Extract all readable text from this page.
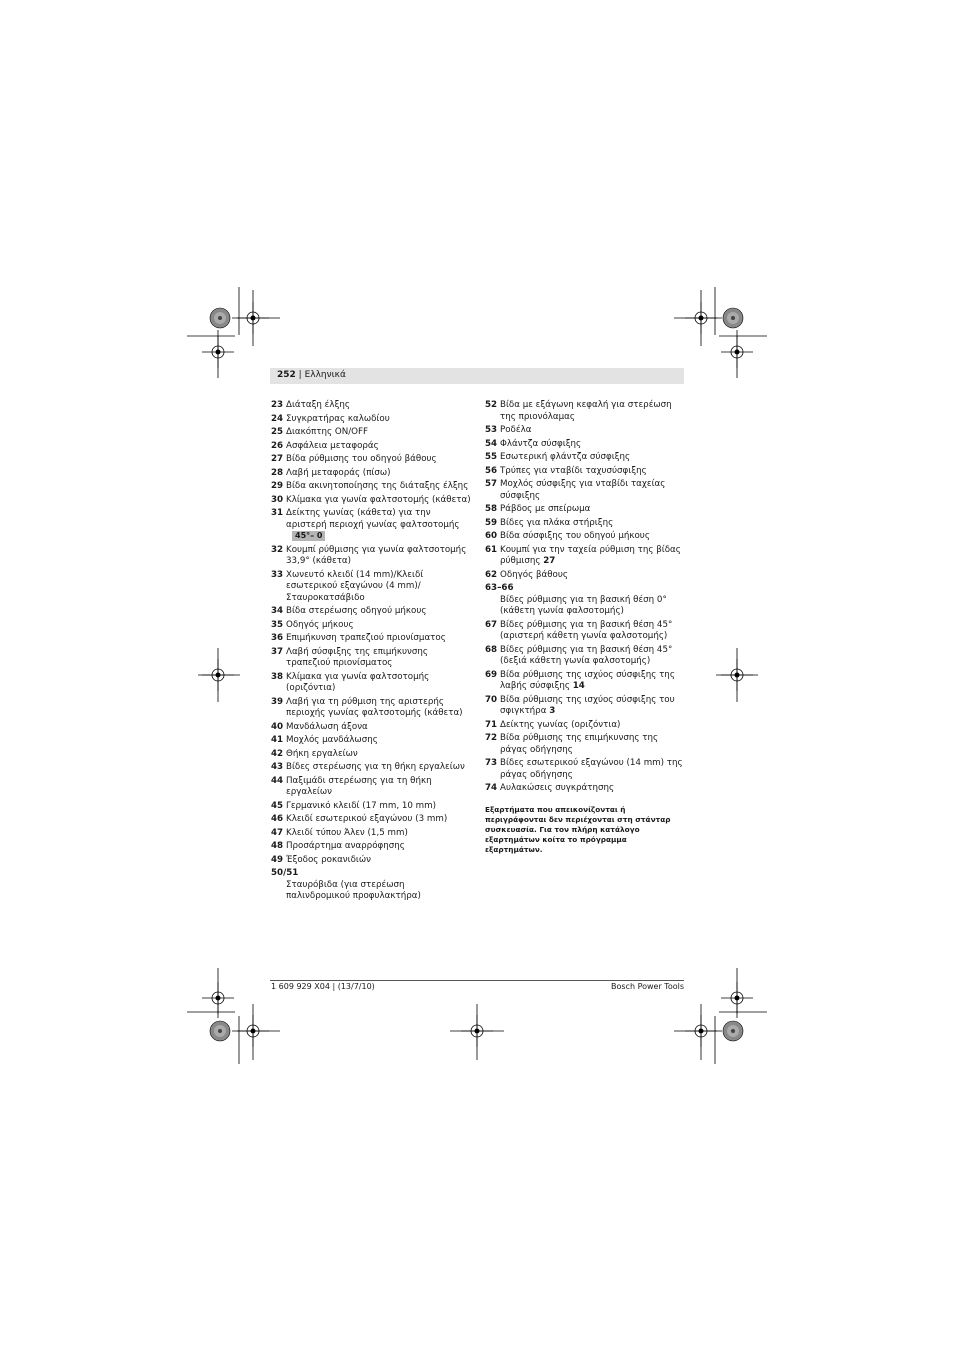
252 | Ελληνικά
23 Διάταξη έλξης
24 Συγκρατήρας καλωδίου
25 Διακόπτης ON/OFF
26 Ασφάλεια μεταφοράς
27 Βίδα ρύθμισης του οδηγού βάθους
28 Λαβή μεταφοράς (πίσω)
29 Βίδα ακινητοποίησης της διάταξης έλξης
30 Κλίμακα για γωνία φαλτσοτομής (κάθετα)
31 Δείκτης γωνίας (κάθετα) για την αριστερή περιοχή γωνίας φαλτσοτομής45°– 0
32 Κουμπί ρύθμισης για γωνία φαλτσοτομής 33,9° (κάθετα)
33 Χωνευτό κλειδί (14 mm)/Κλειδί εσωτερικού εξαγώνου (4 mm)/Σταυροκατσάβιδο
34 Βίδα στερέωσης οδηγού μήκους
35 Οδηγός μήκους
36 Επιμήκυνση τραπεζιού πριονίσματος
37 Λαβή σύσφιξης της επιμήκυνσης τραπεζιού πριονίσματος
38 Κλίμακα για γωνία φαλτσοτομής (οριζόντια)
39 Λαβή για τη ρύθμιση της αριστερής περιοχής γωνίας φαλτσοτομής (κάθετα)
40 Μανδάλωση άξονα
41 Μοχλός μανδάλωσης
42 Θήκη εργαλείων
43 Βίδες στερέωσης για τη θήκη εργαλείων
44 Παξιμάδι στερέωσης για τη θήκη εργαλείων
45 Γερμανικό κλειδί (17 mm, 10 mm)
46 Κλειδί εσωτερικού εξαγώνου (3 mm)
47 Κλειδί τύπου Άλεν (1,5 mm)
48 Προσάρτημα αναρρόφησης
49 Έξοδος ροκανιδιών
50/51
Σταυρόβιδα (για στερέωση παλινδρομικού προφυλακτήρα)
52 Βίδα με εξάγωνη κεφαλή για στερέωση της πριονόλαμας
53 Ροδέλα
54 Φλάντζα σύσφιξης
55 Εσωτερική φλάντζα σύσφιξης
56 Τρύπες για νταβίδι ταχυσύσφιξης
57 Μοχλός σύσφιξης για νταβίδι ταχείας σύσφιξης
58 Ράβδος με σπείρωμα
59 Βίδες για πλάκα στήριξης
60 Βίδα σύσφιξης του οδηγού μήκους
61 Κουμπί για την ταχεία ρύθμιση της βίδας ρύθμισης 27
62 Οδηγός βάθους
63–66
Βίδες ρύθμισης για τη βασική θέση 0° (κάθετη γωνία φαλσοτομής)
67 Βίδες ρύθμισης για τη βασική θέση 45° (αριστερή κάθετη γωνία φαλσοτομής)
68 Βίδες ρύθμισης για τη βασική θέση 45° (δεξιά κάθετη γωνία φαλσοτομής)
69 Βίδα ρύθμισης της ισχύος σύσφιξης της λαβής σύσφιξης 14
70 Βίδα ρύθμισης της ισχύος σύσφιξης του σφιγκτήρα 3
71 Δείκτης γωνίας (οριζόντια)
72 Βίδα ρύθμισης της επιμήκυνσης της ράγας οδήγησης
73 Βίδες εσωτερικού εξαγώνου (14 mm) της ράγας οδήγησης
74 Αυλακώσεις συγκράτησης
Εξαρτήματα που απεικονίζονται ή περιγράφονται δεν περιέχονται στη στάνταρ συσκευασία. Για τον πλήρη κατάλογο εξαρτημάτων κοίτα το πρόγραμμα εξαρτημάτων.
1 609 929 X04 | (13/7/10)	Bosch Power Tools
